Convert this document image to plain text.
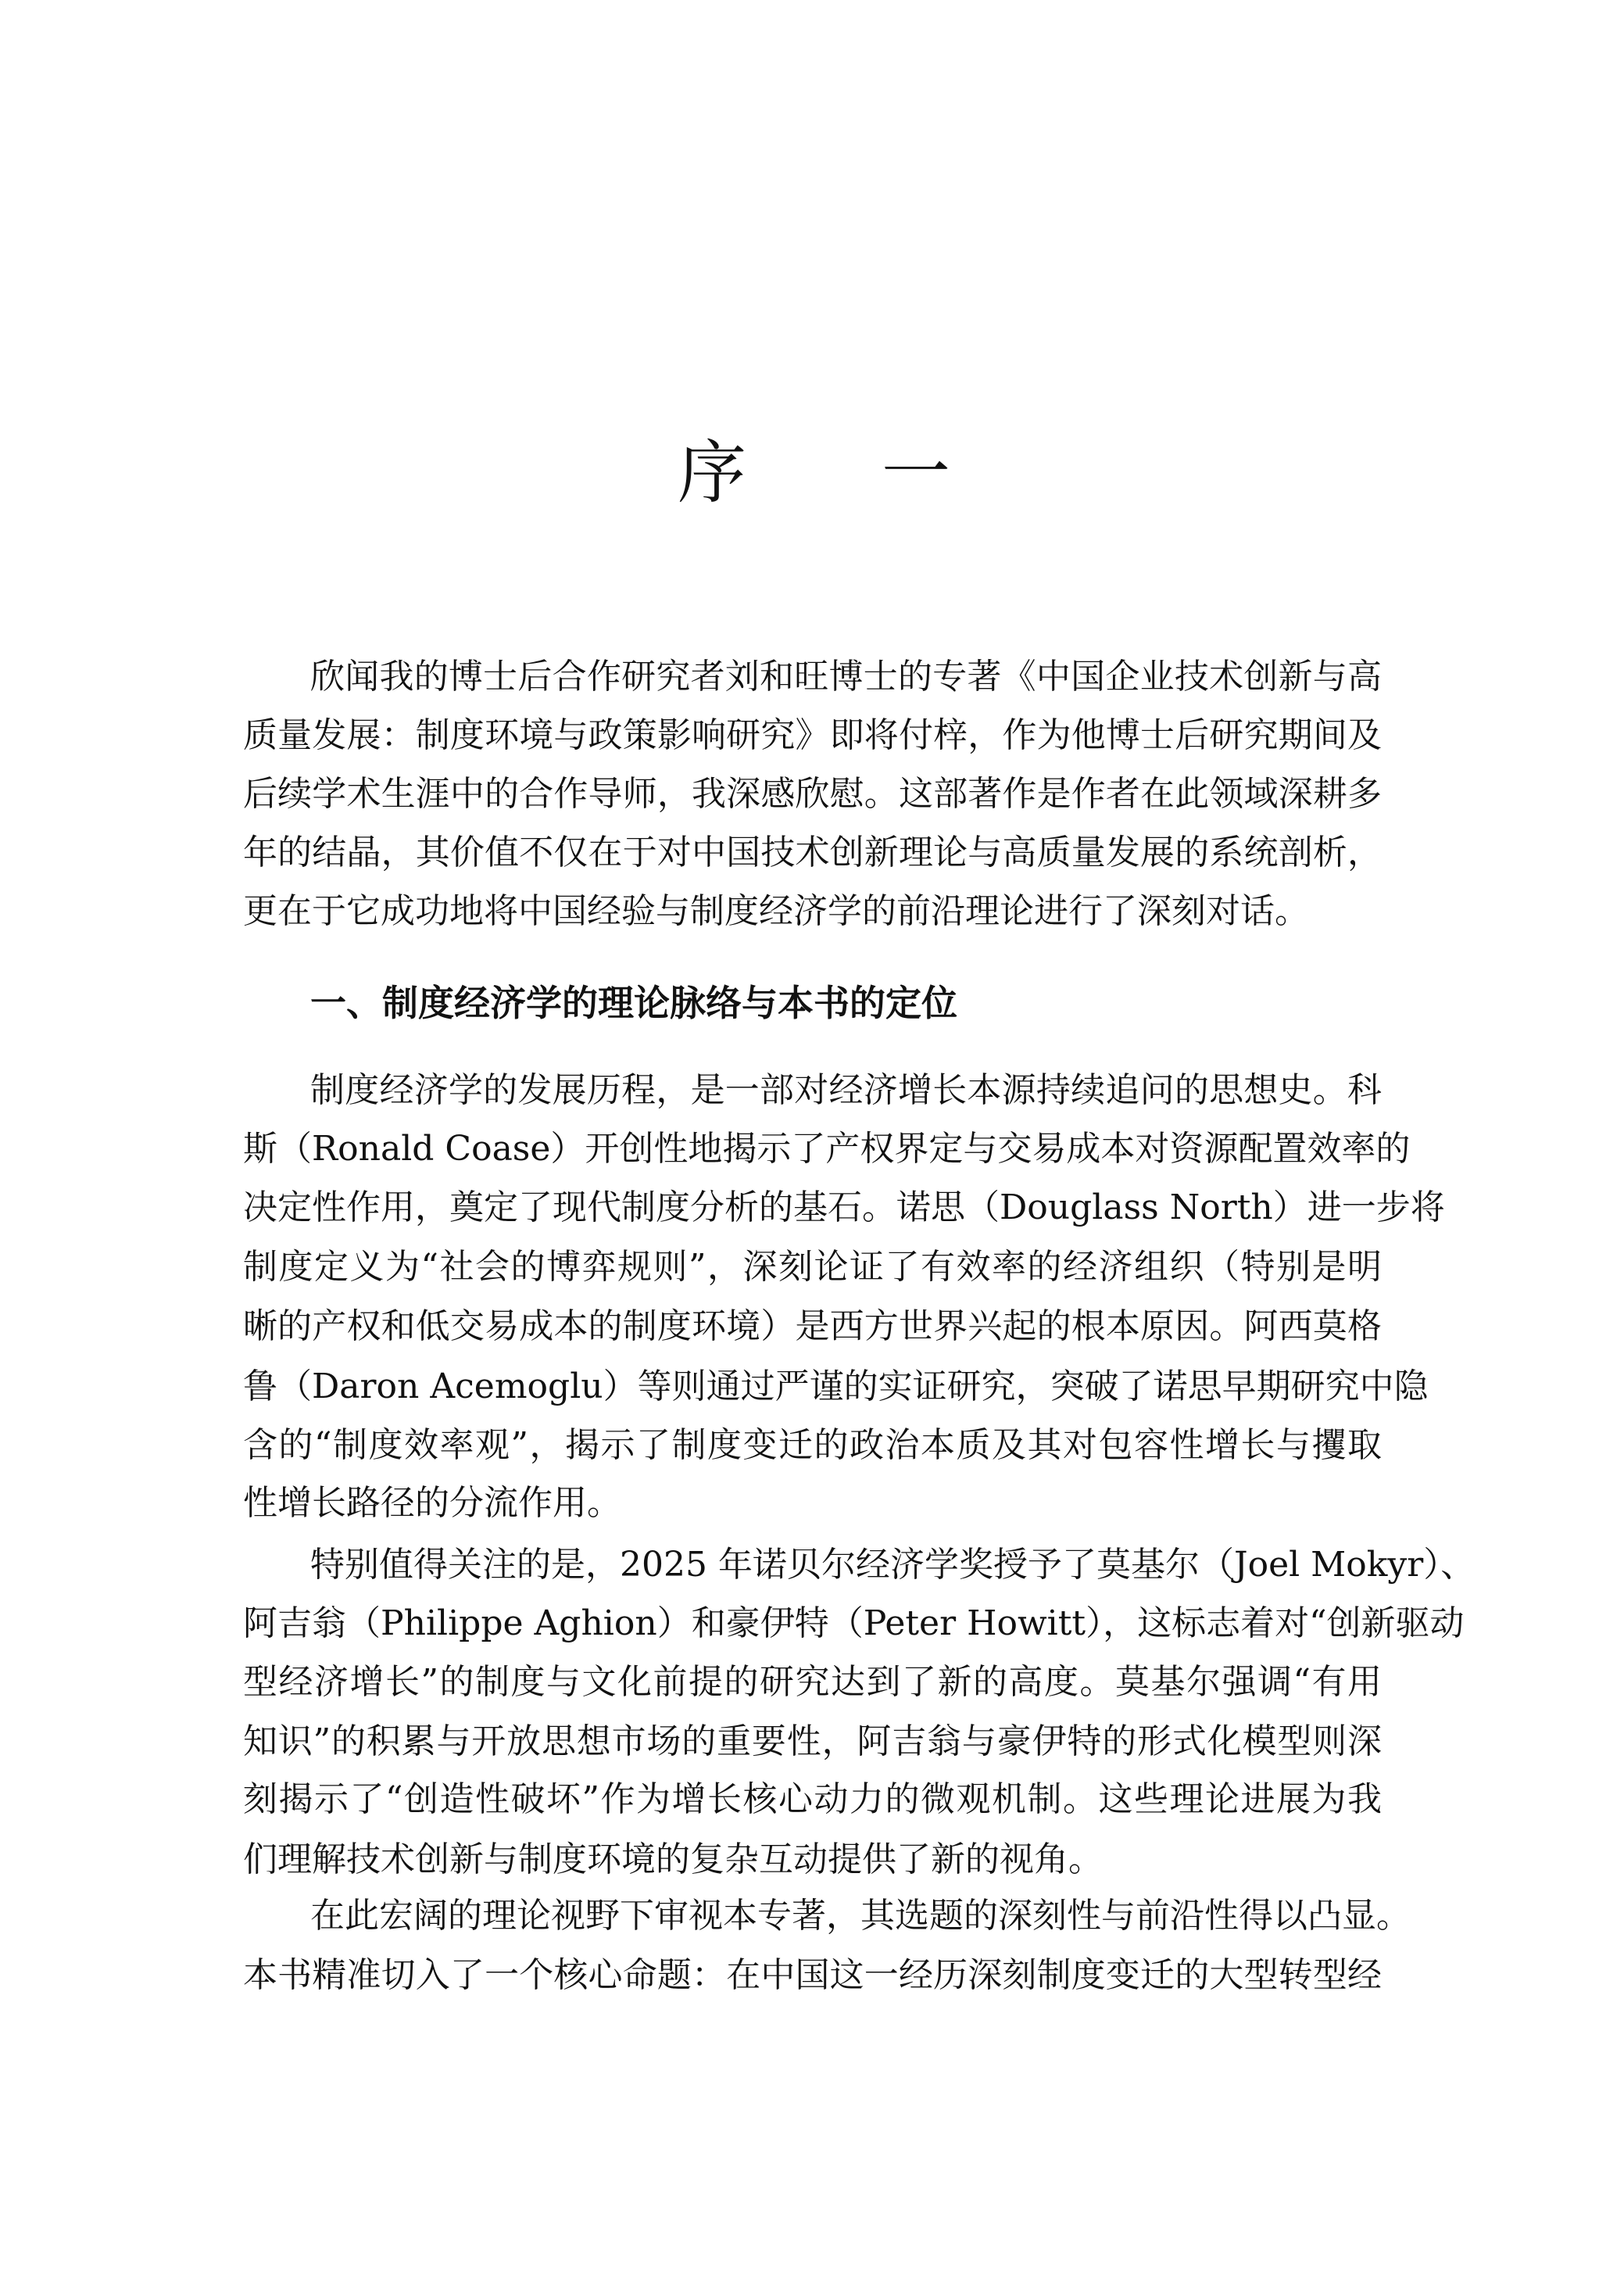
序 一
欣闻我的博士后合作研究者刘和旺博士的专著《中国企业技术创新与高
质量发展：制度环境与政策影响研究》即将付梓，作为他博士后研究期间及
后续学术生涯中的合作导师，我深感欣慰。这部著作是作者在此领域深耕多
年的结晶，其价值不仅在于对中国技术创新理论与高质量发展的系统剖析，
更在于它成功地将中国经验与制度经济学的前沿理论进行了深刻对话。
一、制度经济学的理论脉络与本书的定位
制度经济学的发展历程，是一部对经济增长本源持续追问的思想史。科
斯（Ronald Coase）开创性地揭示了产权界定与交易成本对资源配置效率的
决定性作用，奠定了现代制度分析的基石。诺思（Douglass North）进一步将
制度定义为“社会的博弈规则”，深刻论证了有效率的经济组织（特别是明
晰的产权和低交易成本的制度环境）是西方世界兴起的根本原因。阿西莫格
鲁（Daron Acemoglu）等则通过严谨的实证研究，突破了诺思早期研究中隐
含的“制度效率观”，揭示了制度变迁的政治本质及其对包容性增长与攫取
性增长路径的分流作用。
特别值得关注的是，2025 年诺贝尔经济学奖授予了莫基尔（Joel Mokyr）、
阿吉翁（Philippe Aghion）和豪伊特（Peter Howitt），这标志着对“创新驱动
型经济增长”的制度与文化前提的研究达到了新的高度。莫基尔强调“有用
知识”的积累与开放思想市场的重要性，阿吉翁与豪伊特的形式化模型则深
刻揭示了“创造性破坏”作为增长核心动力的微观机制。这些理论进展为我
们理解技术创新与制度环境的复杂互动提供了新的视角。
在此宏阔的理论视野下审视本专著，其选题的深刻性与前沿性得以凸显。
本书精准切入了一个核心命题：在中国这一经历深刻制度变迁的大型转型经
